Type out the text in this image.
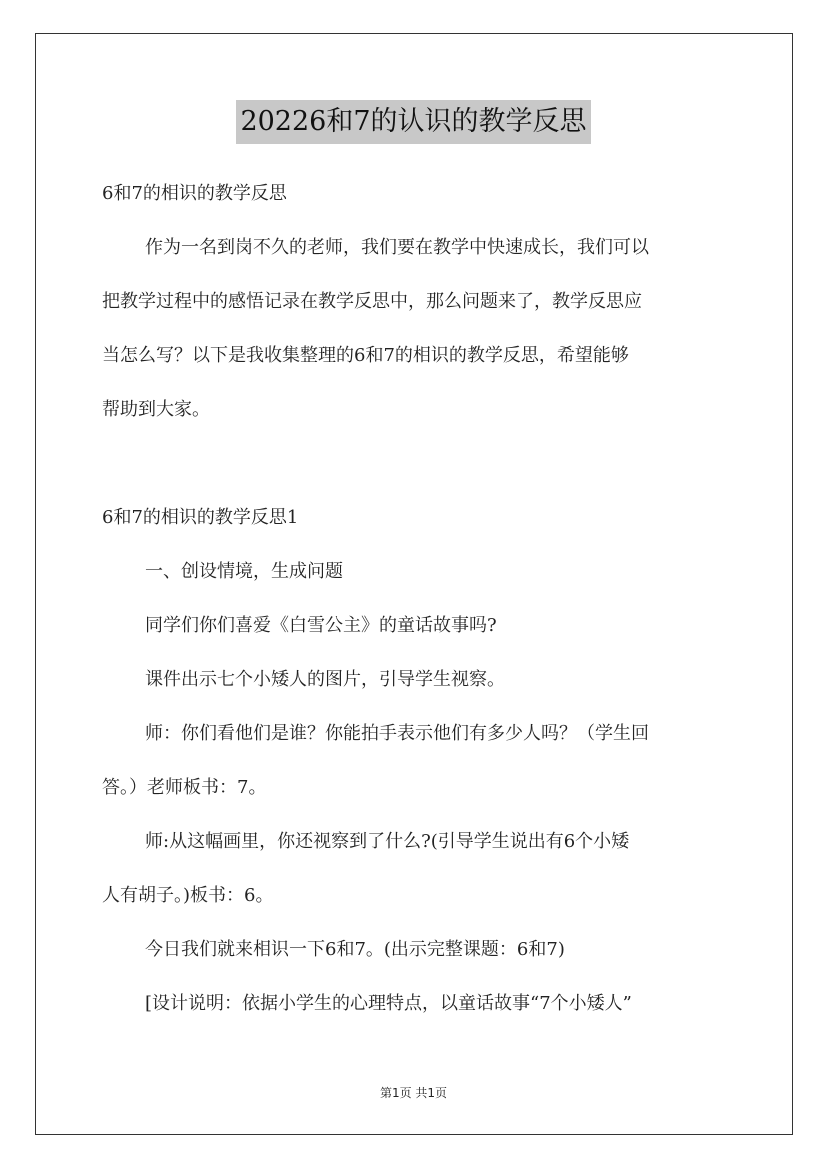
20226和7的认识的教学反思
6和7的相识的教学反思
作为一名到岗不久的老师，我们要在教学中快速成长，我们可以
把教学过程中的感悟记录在教学反思中，那么问题来了，教学反思应
当怎么写？以下是我收集整理的6和7的相识的教学反思，希望能够
帮助到大家。
6和7的相识的教学反思1
一、创设情境，生成问题
同学们你们喜爱《白雪公主》的童话故事吗?
课件出示七个小矮人的图片，引导学生视察。
师：你们看他们是谁？你能拍手表示他们有多少人吗？（学生回
答。）老师板书：7。
师:从这幅画里，你还视察到了什么?(引导学生说出有6个小矮
人有胡子。)板书：6。
今日我们就来相识一下6和7。(出示完整课题：6和7)
[设计说明：依据小学生的心理特点，以童话故事“7个小矮人”
第1页 共1页
